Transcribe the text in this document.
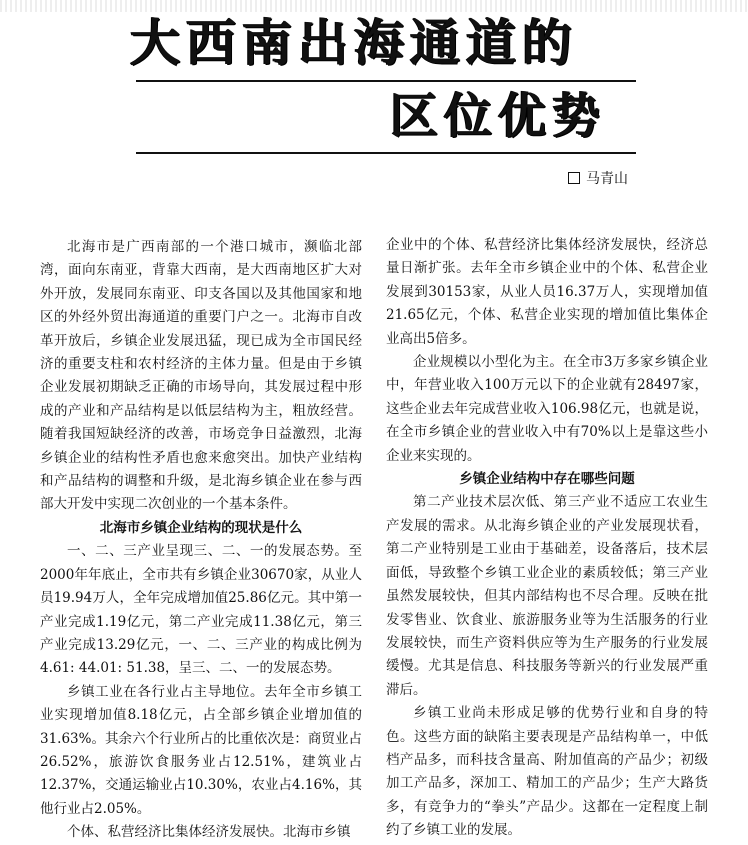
大西南出海通道的
区位优势
马青山

北海市是广西南部的一个港口城市，濒临北部湾，面向东南亚，背靠大西南，是大西南地区扩大对外开放，发展同东南亚、印支各国以及其他国家和地区的外经外贸出海通道的重要门户之一。北海市自改革开放后，乡镇企业发展迅猛，现已成为全市国民经济的重要支柱和农村经济的主体力量。但是由于乡镇企业发展初期缺乏正确的市场导向，其发展过程中形成的产业和产品结构是以低层结构为主，粗放经营。随着我国短缺经济的改善，市场竞争日益激烈，北海乡镇企业的结构性矛盾也愈来愈突出。加快产业结构和产品结构的调整和升级，是北海乡镇企业在参与西部大开发中实现二次创业的一个基本条件。

北海市乡镇企业结构的现状是什么

一、二、三产业呈现三、二、一的发展态势。至2000年年底止，全市共有乡镇企业30670家，从业人员19.94万人，全年完成增加值25.86亿元。其中第一产业完成1.19亿元，第二产业完成11.38亿元，第三产业完成13.29亿元，一、二、三产业的构成比例为4.61: 44.01: 51.38，呈三、二、一的发展态势。

乡镇工业在各行业占主导地位。去年全市乡镇工业实现增加值8.18亿元，占全部乡镇企业增加值的31.63%。其余六个行业所占的比重依次是：商贸业占26.52%，旅游饮食服务业占12.51%，建筑业占12.37%，交通运输业占10.30%，农业占4.16%，其他行业占2.05%。

个体、私营经济比集体经济发展快。北海市乡镇

企业中的个体、私营经济比集体经济发展快，经济总量日渐扩张。去年全市乡镇企业中的个体、私营企业发展到30153家，从业人员16.37万人，实现增加值21.65亿元，个体、私营企业实现的增加值比集体企业高出5倍多。

企业规模以小型化为主。在全市3万多家乡镇企业中，年营业收入100万元以下的企业就有28497家，这些企业去年完成营业收入106.98亿元，也就是说，在全市乡镇企业的营业收入中有70%以上是靠这些小企业来实现的。

乡镇企业结构中存在哪些问题

第二产业技术层次低、第三产业不适应工农业生产发展的需求。从北海乡镇企业的产业发展现状看，第二产业特别是工业由于基础差，设备落后，技术层面低，导致整个乡镇工业企业的素质较低；第三产业虽然发展较快，但其内部结构也不尽合理。反映在批发零售业、饮食业、旅游服务业等为生活服务的行业发展较快，而生产资料供应等为生产服务的行业发展缓慢。尤其是信息、科技服务等新兴的行业发展严重滞后。

乡镇工业尚未形成足够的优势行业和自身的特色。这些方面的缺陷主要表现是产品结构单一，中低档产品多，而科技含量高、附加值高的产品少；初级加工产品多，深加工、精加工的产品少；生产大路货多，有竞争力的“拳头”产品少。这都在一定程度上制约了乡镇工业的发展。
